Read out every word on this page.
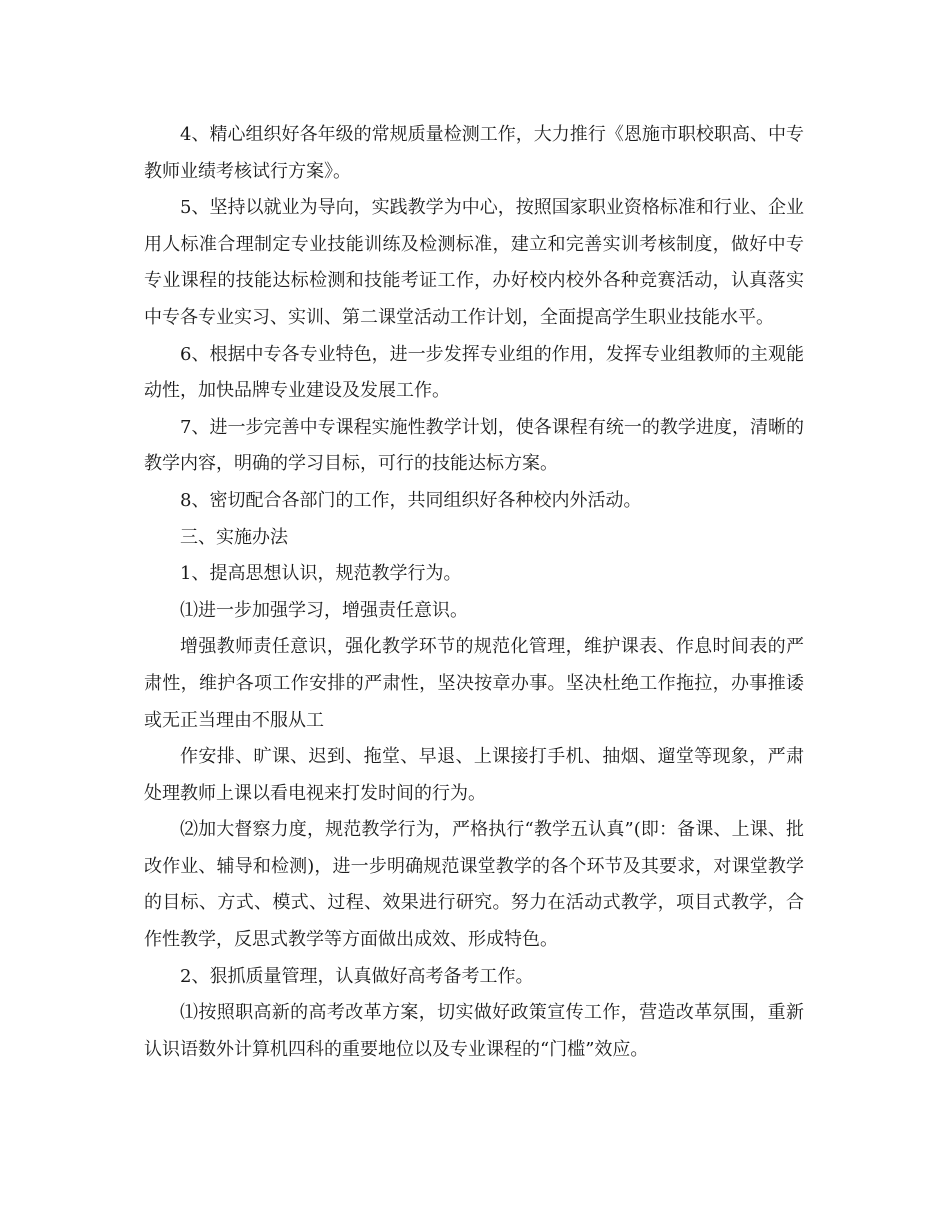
4、精心组织好各年级的常规质量检测工作，大力推行《恩施市职校职高、中专教师业绩考核试行方案》。

5、坚持以就业为导向，实践教学为中心，按照国家职业资格标准和行业、企业用人标准合理制定专业技能训练及检测标准，建立和完善实训考核制度，做好中专专业课程的技能达标检测和技能考证工作，办好校内校外各种竞赛活动，认真落实中专各专业实习、实训、第二课堂活动工作计划，全面提高学生职业技能水平。

6、根据中专各专业特色，进一步发挥专业组的作用，发挥专业组教师的主观能动性，加快品牌专业建设及发展工作。

7、进一步完善中专课程实施性教学计划，使各课程有统一的教学进度，清晰的教学内容，明确的学习目标，可行的技能达标方案。

8、密切配合各部门的工作，共同组织好各种校内外活动。

三、实施办法

1、提高思想认识，规范教学行为。

⑴进一步加强学习，增强责任意识。

增强教师责任意识，强化教学环节的规范化管理，维护课表、作息时间表的严肃性，维护各项工作安排的严肃性，坚决按章办事。坚决杜绝工作拖拉，办事推诿或无正当理由不服从工

作安排、旷课、迟到、拖堂、早退、上课接打手机、抽烟、遛堂等现象，严肃处理教师上课以看电视来打发时间的行为。

⑵加大督察力度，规范教学行为，严格执行“教学五认真”(即：备课、上课、批改作业、辅导和检测)，进一步明确规范课堂教学的各个环节及其要求，对课堂教学的目标、方式、模式、过程、效果进行研究。努力在活动式教学，项目式教学，合作性教学，反思式教学等方面做出成效、形成特色。

2、狠抓质量管理，认真做好高考备考工作。

⑴按照职高新的高考改革方案，切实做好政策宣传工作，营造改革氛围，重新认识语数外计算机四科的重要地位以及专业课程的“门槛”效应。
